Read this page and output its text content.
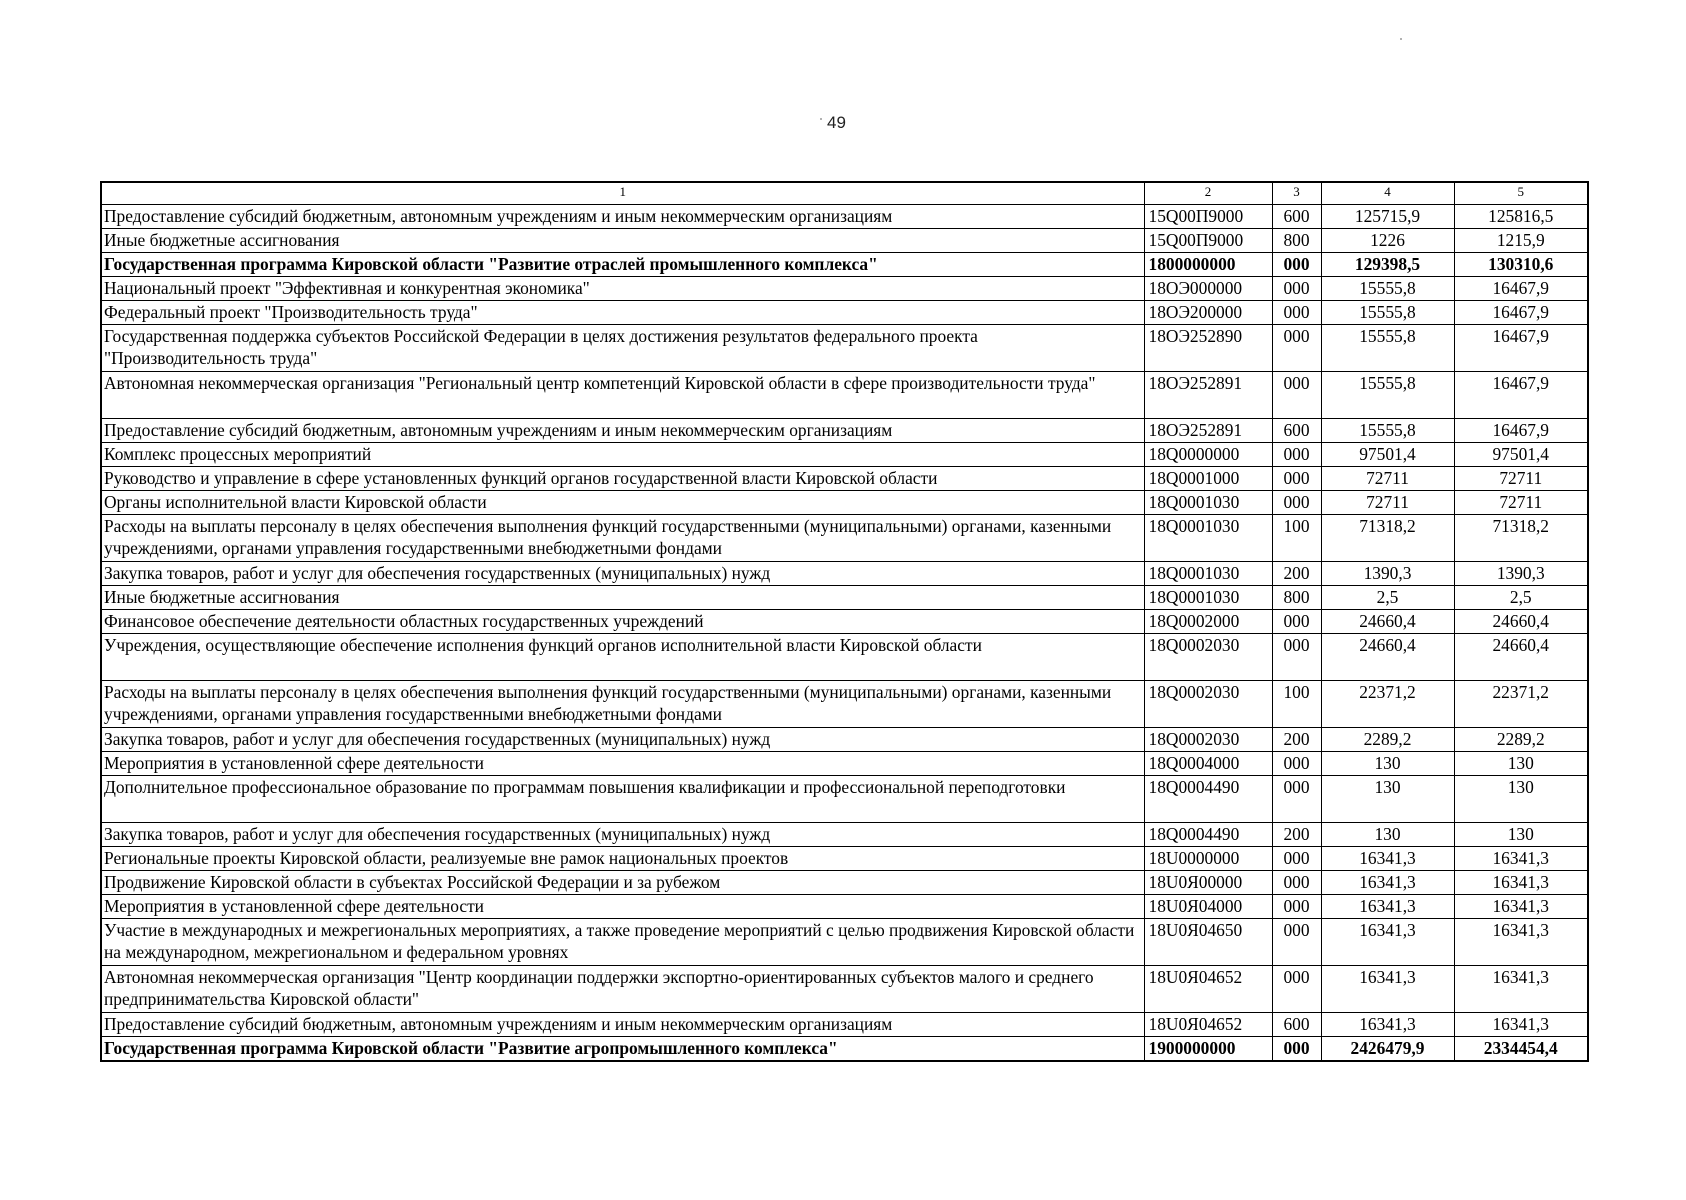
49
1	2	3	4	5
Предоставление субсидий бюджетным, автономным учреждениям и иным некоммерческим организациям	15Q00П9000	600	125715,9	125816,5
Иные бюджетные ассигнования	15Q00П9000	800	1226	1215,9
Государственная программа Кировской области "Развитие отраслей промышленного комплекса"	1800000000	000	129398,5	130310,6
Национальный проект "Эффективная и конкурентная экономика"	18ОЭ000000	000	15555,8	16467,9
Федеральный проект "Производительность труда"	18ОЭ200000	000	15555,8	16467,9
Государственная поддержка субъектов Российской Федерации в целях достижения результатов федерального проекта "Производительность труда"	18ОЭ252890	000	15555,8	16467,9
Автономная некоммерческая организация "Региональный центр компетенций Кировской области в сфере производительности труда"	18ОЭ252891	000	15555,8	16467,9
Предоставление субсидий бюджетным, автономным учреждениям и иным некоммерческим организациям	18ОЭ252891	600	15555,8	16467,9
Комплекс процессных мероприятий	18Q0000000	000	97501,4	97501,4
Руководство и управление в сфере установленных функций органов государственной власти Кировской области	18Q0001000	000	72711	72711
Органы исполнительной власти Кировской области	18Q0001030	000	72711	72711
Расходы на выплаты персоналу в целях обеспечения выполнения функций государственными (муниципальными) органами, казенными учреждениями, органами управления государственными внебюджетными фондами	18Q0001030	100	71318,2	71318,2
Закупка товаров, работ и услуг для обеспечения государственных (муниципальных) нужд	18Q0001030	200	1390,3	1390,3
Иные бюджетные ассигнования	18Q0001030	800	2,5	2,5
Финансовое обеспечение деятельности областных государственных учреждений	18Q0002000	000	24660,4	24660,4
Учреждения, осуществляющие обеспечение исполнения функций органов исполнительной власти Кировской области	18Q0002030	000	24660,4	24660,4
Расходы на выплаты персоналу в целях обеспечения выполнения функций государственными (муниципальными) органами, казенными учреждениями, органами управления государственными внебюджетными фондами	18Q0002030	100	22371,2	22371,2
Закупка товаров, работ и услуг для обеспечения государственных (муниципальных) нужд	18Q0002030	200	2289,2	2289,2
Мероприятия в установленной сфере деятельности	18Q0004000	000	130	130
Дополнительное профессиональное образование по программам повышения квалификации и профессиональной переподготовки	18Q0004490	000	130	130
Закупка товаров, работ и услуг для обеспечения государственных (муниципальных) нужд	18Q0004490	200	130	130
Региональные проекты Кировской области, реализуемые вне рамок национальных проектов	18U0000000	000	16341,3	16341,3
Продвижение Кировской области в субъектах Российской Федерации и за рубежом	18U0Я00000	000	16341,3	16341,3
Мероприятия в установленной сфере деятельности	18U0Я04000	000	16341,3	16341,3
Участие в международных и межрегиональных мероприятиях, а также проведение мероприятий с целью продвижения Кировской области на международном, межрегиональном и федеральном уровнях	18U0Я04650	000	16341,3	16341,3
Автономная некоммерческая организация "Центр координации поддержки экспортно-ориентированных субъектов малого и среднего предпринимательства Кировской области"	18U0Я04652	000	16341,3	16341,3
Предоставление субсидий бюджетным, автономным учреждениям и иным некоммерческим организациям	18U0Я04652	600	16341,3	16341,3
Государственная программа Кировской области "Развитие агропромышленного комплекса"	1900000000	000	2426479,9	2334454,4
